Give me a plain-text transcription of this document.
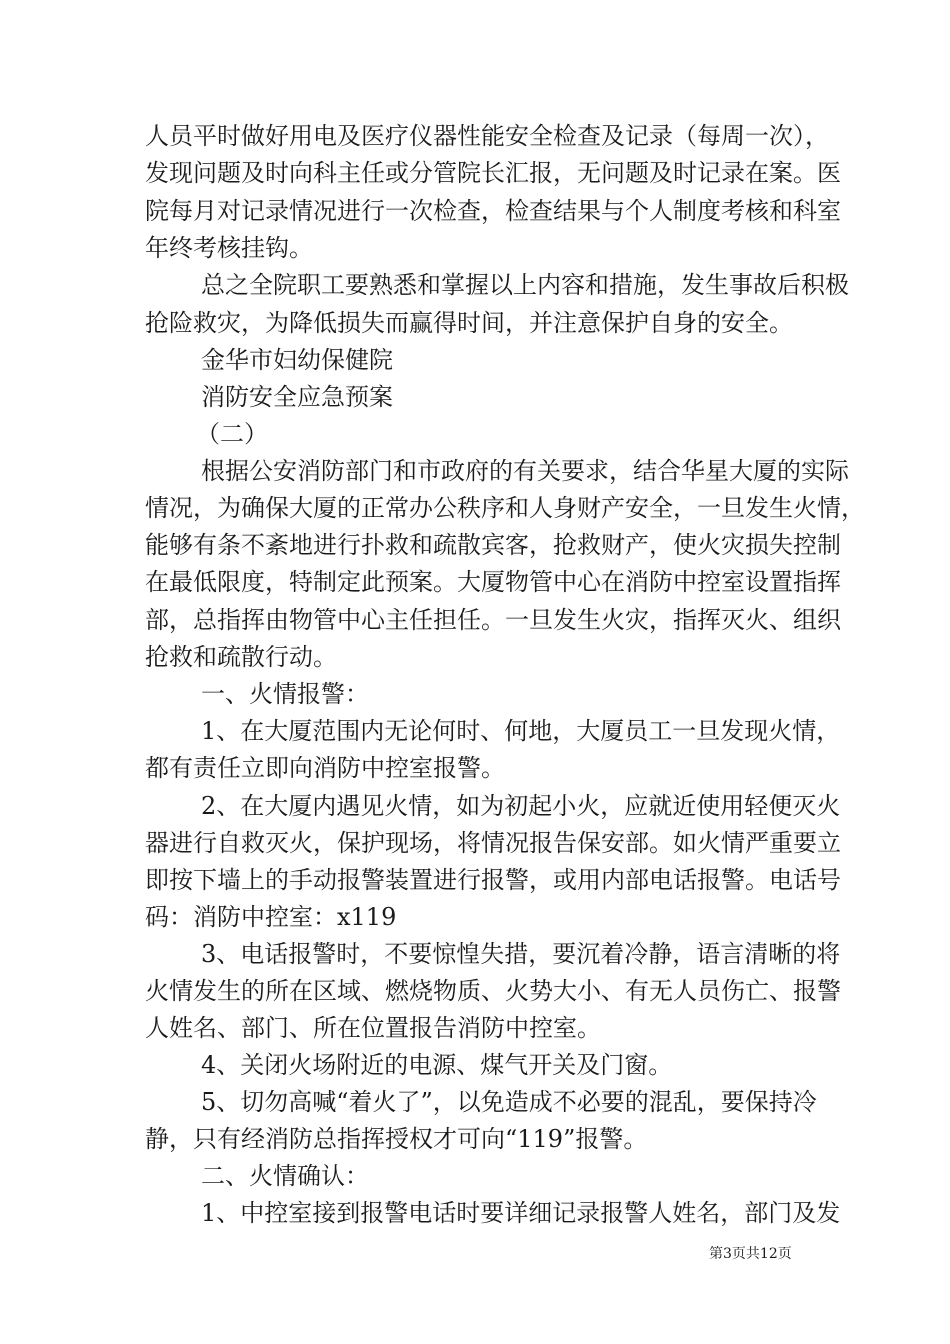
人员平时做好用电及医疗仪器性能安全检查及记录（每周一次），
发现问题及时向科主任或分管院长汇报，无问题及时记录在案。医
院每月对记录情况进行一次检查，检查结果与个人制度考核和科室
年终考核挂钩。
总之全院职工要熟悉和掌握以上内容和措施，发生事故后积极
抢险救灾，为降低损失而赢得时间，并注意保护自身的安全。
金华市妇幼保健院
消防安全应急预案
（二）
根据公安消防部门和市政府的有关要求，结合华星大厦的实际
情况，为确保大厦的正常办公秩序和人身财产安全，一旦发生火情，
能够有条不紊地进行扑救和疏散宾客，抢救财产，使火灾损失控制
在最低限度，特制定此预案。大厦物管中心在消防中控室设置指挥
部，总指挥由物管中心主任担任。一旦发生火灾，指挥灭火、组织
抢救和疏散行动。
一、火情报警：
1、在大厦范围内无论何时、何地，大厦员工一旦发现火情，
都有责任立即向消防中控室报警。
2、在大厦内遇见火情，如为初起小火，应就近使用轻便灭火
器进行自救灭火，保护现场，将情况报告保安部。如火情严重要立
即按下墙上的手动报警装置进行报警，或用内部电话报警。电话号
码：消防中控室：x119
3、电话报警时，不要惊惶失措，要沉着冷静，语言清晰的将
火情发生的所在区域、燃烧物质、火势大小、有无人员伤亡、报警
人姓名、部门、所在位置报告消防中控室。
4、关闭火场附近的电源、煤气开关及门窗。
5、切勿高喊“着火了”，以免造成不必要的混乱，要保持冷
静，只有经消防总指挥授权才可向“119”报警。
二、火情确认：
1、中控室接到报警电话时要详细记录报警人姓名，部门及发
第3页共12页
